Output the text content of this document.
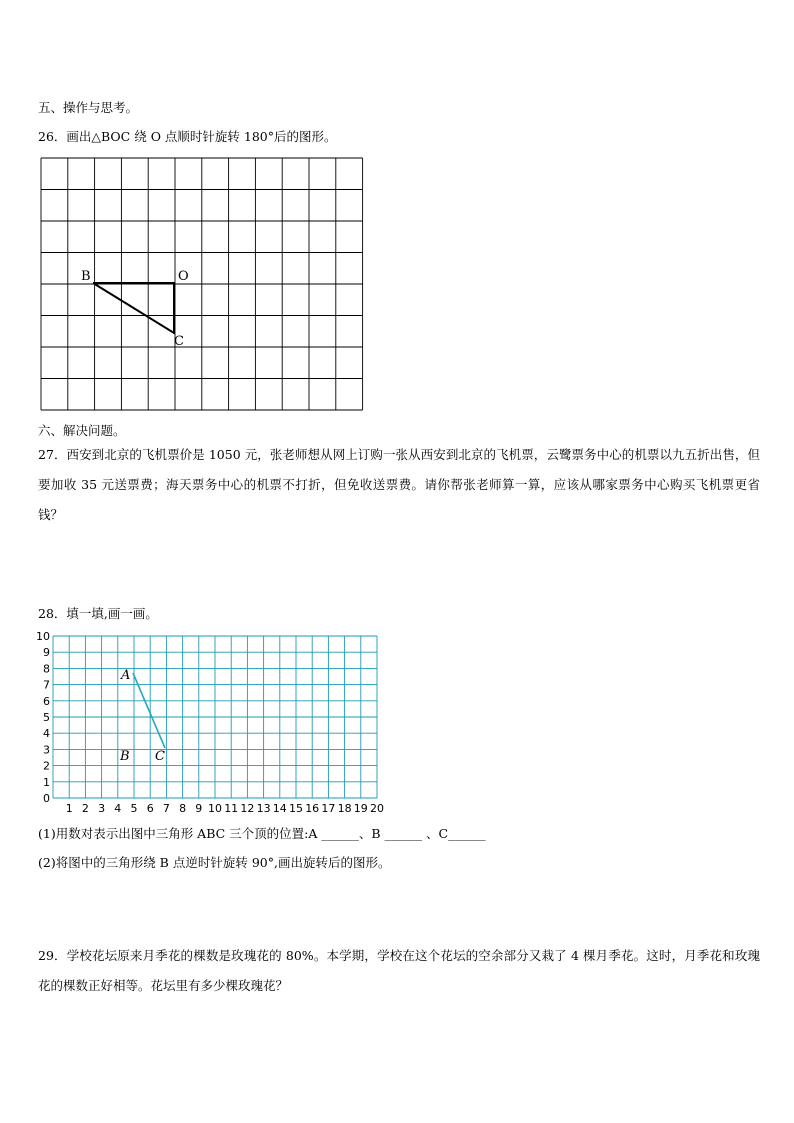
五、操作与思考。
26．画出△BOC 绕 O 点顺时针旋转 180°后的图形。
B	O
C
六、解决问题。
27．西安到北京的飞机票价是 1050 元，张老师想从网上订购一张从西安到北京的飞机票，云鹭票务中心的机票以九五折出售，但要加收 35 元送票费；海天票务中心的机票不打折，但免收送票费。请你帮张老师算一算，应该从哪家票务中心购买飞机票更省钱？
28．填一填,画一画。
1 2 3 4 5 6 7 8 9 10 11 12 13 14 15 16 17 18 19 20
0
1
2
3
4
5
6
7
8
9
10
A
B C
(1)用数对表示出图中三角形 ABC 三个顶的位置:A ______、B ______ 、C______
(2)将图中的三角形绕 B 点逆时针旋转 90°,画出旋转后的图形。
29．学校花坛原来月季花的棵数是玫瑰花的 80%。本学期，学校在这个花坛的空余部分又栽了 4 棵月季花。这时，月季花和玫瑰花的棵数正好相等。花坛里有多少棵玫瑰花？
